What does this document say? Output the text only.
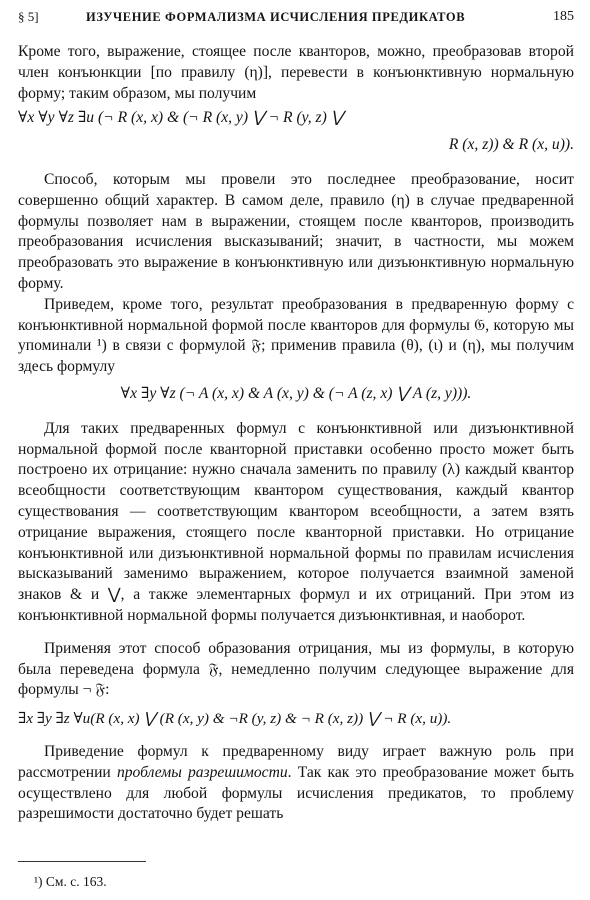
§ 5]	ИЗУЧЕНИЕ ФОРМАЛИЗМА ИСЧИСЛЕНИЯ ПРЕДИКАТОВ	185

Кроме того, выражение, стоящее после кванторов, можно, преобразовав второй член конъюнкции [по правилу (η)], перевести в конъюнктивную нормальную форму; таким образом, мы получим

∀x ∀y ∀z ∃u (¬ R (x, x) & (¬ R (x, y) ⋁ ¬ R (y, z) ⋁
R (x, z)) & R (x, u)).

Способ, которым мы провели это последнее преобразование, носит совершенно общий характер. В самом деле, правило (η) в случае предваренной формулы позволяет нам в выражении, стоящем после кванторов, производить преобразования исчисления высказываний; значит, в частности, мы можем преобразовать это выражение в конъюнктивную или дизъюнктивную нормальную форму.

Приведем, кроме того, результат преобразования в предваренную форму с конъюнктивной нормальной формой после кванторов для формулы 𝔊, которую мы упоминали ¹) в связи с формулой 𝔉; применив правила (θ), (ι) и (η), мы получим здесь формулу

∀x ∃y ∀z (¬ A (x, x) & A (x, y) & (¬ A (z, x) ⋁ A (z, y))).

Для таких предваренных формул с конъюнктивной или дизъюнктивной нормальной формой после кванторной приставки особенно просто может быть построено их отрицание: нужно сначала заменить по правилу (λ) каждый квантор всеобщности соответствующим квантором существования, каждый квантор существования — соответствующим квантором всеобщности, а затем взять отрицание выражения, стоящего после кванторной приставки. Но отрицание конъюнктивной или дизъюнктивной нормальной формы по правилам исчисления высказываний заменимо выражением, которое получается взаимной заменой знаков & и ⋁, а также элементарных формул и их отрицаний. При этом из конъюнктивной нормальной формы получается дизъюнктивная, и наоборот.

Применяя этот способ образования отрицания, мы из формулы, в которую была переведена формула 𝔉, немедленно получим следующее выражение для формулы ¬ 𝔉:

∃x ∃y ∃z ∀u(R (x, x) ⋁ (R (x, y) & ¬R (y, z) & ¬ R (x, z)) ⋁ ¬ R (x, u)).

Приведение формул к предваренному виду играет важную роль при рассмотрении проблемы разрешимости. Так как это преобразование может быть осуществлено для любой формулы исчисления предикатов, то проблему разрешимости достаточно будет решать

¹) См. с. 163.
